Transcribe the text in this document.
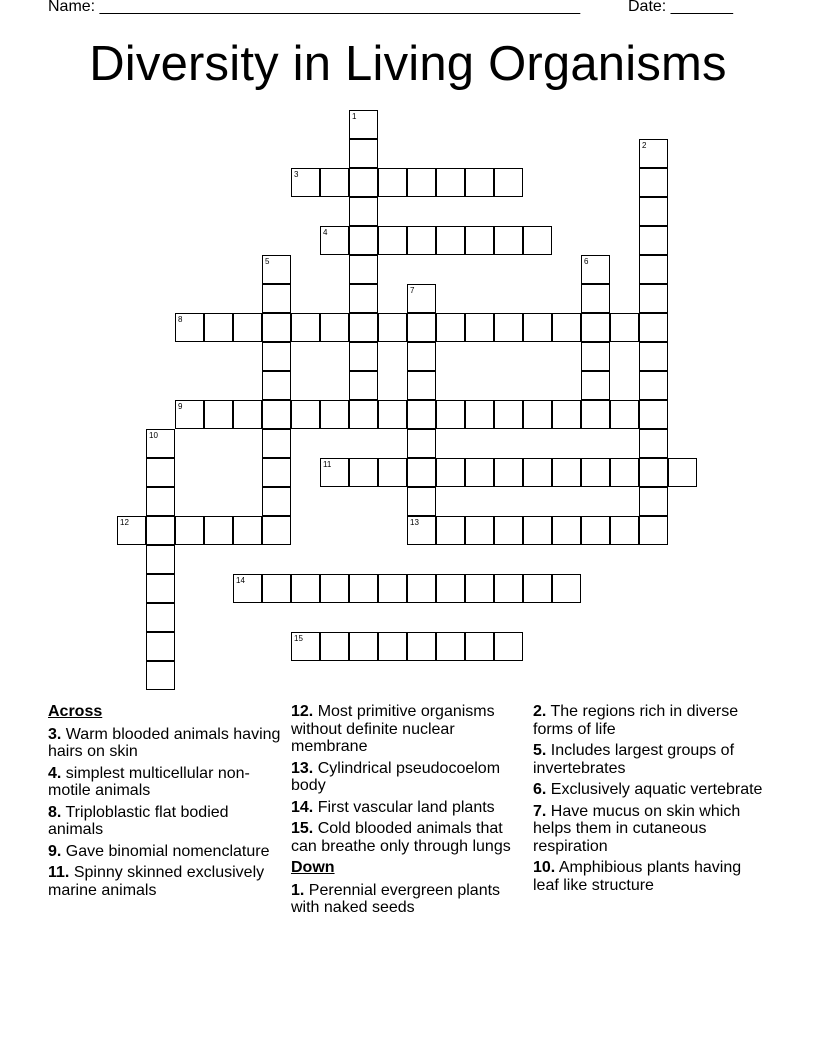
Name: ______________________________________________________	Date: _______
Diversity in Living Organisms
1
2
3
4
5	6
7
8
9
10
11
12	13
14
15
Across
3. Warm blooded animals having hairs on skin
4. simplest multicellular non-motile animals
8. Triploblastic flat bodied animals
9. Gave binomial nomenclature
11. Spinny skinned exclusively marine animals
12. Most primitive organisms without definite nuclear membrane
13. Cylindrical pseudocoelom body
14. First vascular land plants
15. Cold blooded animals that can breathe only through lungs
Down
1. Perennial evergreen plants with naked seeds
2. The regions rich in diverse forms of life
5. Includes largest groups of invertebrates
6. Exclusively aquatic vertebrate
7. Have mucus on skin which helps them in cutaneous respiration
10. Amphibious plants having leaf like structure
